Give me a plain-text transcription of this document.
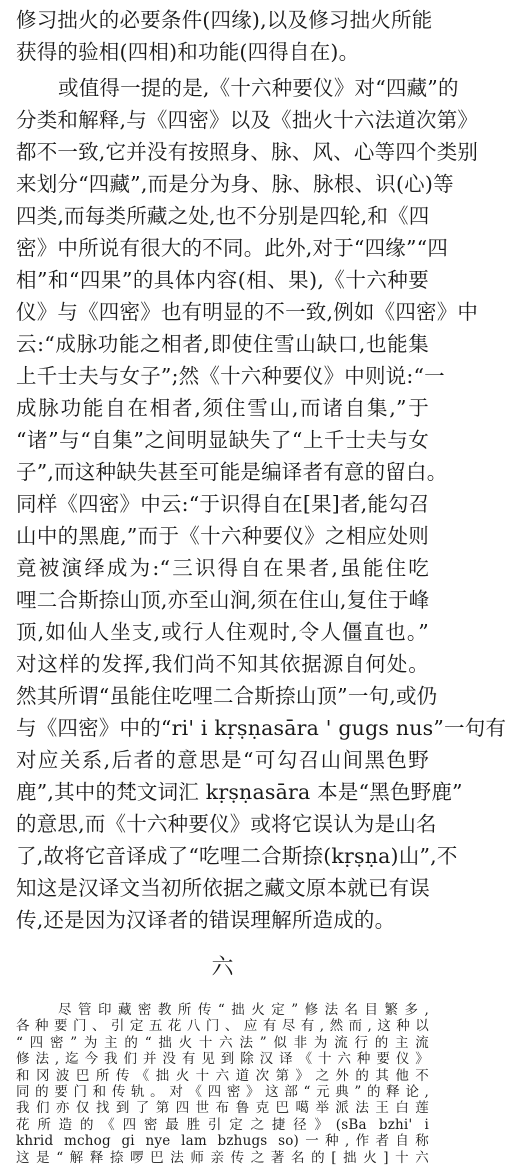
修习拙火的必要条件(四缘),以及修习拙火所能
获得的验相(四相)和功能(四得自在)。
或值得一提的是,《十六种要仪》对“四藏”的
分类和解释,与《四密》以及《拙火十六法道次第》
都不一致,它并没有按照身、脉、风、心等四个类别
来划分“四藏”,而是分为身、脉、脉根、识(心)等
四类,而每类所藏之处,也不分别是四轮,和《四
密》中所说有很大的不同。此外,对于“四缘”“四
相”和“四果”的具体内容(相、果),《十六种要
仪》与《四密》也有明显的不一致,例如《四密》中
云:“成脉功能之相者,即使住雪山缺口,也能集
上千士夫与女子”;然《十六种要仪》中则说:“一
成脉功能自在相者,须住雪山,而诸自集,”于
“诸”与“自集”之间明显缺失了“上千士夫与女
子”,而这种缺失甚至可能是编译者有意的留白。
同样《四密》中云:“于识得自在[果]者,能勾召
山中的黑鹿,”而于《十六种要仪》之相应处则
竟被演绎成为:“三识得自在果者,虽能住吃
哩二合斯捺山顶,亦至山涧,须在住山,复住于峰
顶,如仙人坐支,或行人住观时,令人僵直也。”
对这样的发挥,我们尚不知其依据源自何处。
然其所谓“虽能住吃哩二合斯捺山顶”一句,或仍
与《四密》中的“ri' i kṛṣṇasāra ' gugs nus”一句有
对应关系,后者的意思是“可勾召山间黑色野
鹿”,其中的梵文词汇 kṛṣṇasāra 本是“黑色野鹿”
的意思,而《十六种要仪》或将它误认为是山名
了,故将它音译成了“吃哩二合斯捺(kṛṣṇa)山”,不
知这是汉译文当初所依据之藏文原本就已有误
传,还是因为汉译者的错误理解所造成的。
六
尽管印藏密教所传“拙火定”修法名目繁多,
各种要门、引定五花八门、应有尽有,然而,这种以
“四密”为主的“拙火十六法”似非为流行的主流
修法,迄今我们并没有见到除汉译《十六种要仪》
和冈波巴所传《拙火十六道次第》之外的其他不
同的要门和传轨。对《四密》这部“元典”的释论,
我们亦仅找到了第四世布鲁克巴噶举派法王白莲
花所造的《四密最胜引定之捷径》(sBa bzhi' i
khrid mchog gi nye lam bzhugs so)一种,作者自称
这是“解释捺啰巴法师亲传之著名的[拙火]十六
